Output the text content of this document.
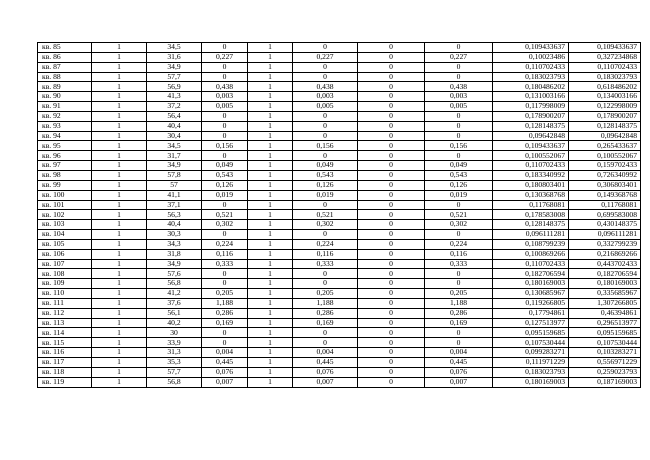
кв. 85	1	34,5	0	1	0	0	0	0,109433637	0,109433637
кв. 86	1	31,6	0,227	1	0,227	0	0,227	0,10023486	0,327234868
кв. 87	1	34,9	0	1	0	0	0	0,110702433	0,110702433
кв. 88	1	57,7	0	1	0	0	0	0,183023793	0,183023793
кв. 89	1	56,9	0,438	1	0,438	0	0,438	0,180486202	0,618486202
кв. 90	1	41,3	0,003	1	0,003	0	0,003	0,131003166	0,134003166
кв. 91	1	37,2	0,005	1	0,005	0	0,005	0,117998009	0,122998009
кв. 92	1	56,4	0	1	0	0	0	0,178900207	0,178900207
кв. 93	1	40,4	0	1	0	0	0	0,128148375	0,128148375
кв. 94	1	30,4	0	1	0	0	0	0,09642848	0,09642848
кв. 95	1	34,5	0,156	1	0,156	0	0,156	0,109433637	0,265433637
кв. 96	1	31,7	0	1	0	0	0	0,100552067	0,100552067
кв. 97	1	34,9	0,049	1	0,049	0	0,049	0,110702433	0,159702433
кв. 98	1	57,8	0,543	1	0,543	0	0,543	0,183340992	0,726340992
кв. 99	1	57	0,126	1	0,126	0	0,126	0,180803401	0,306803401
кв. 100	1	41,1	0,019	1	0,019	0	0,019	0,130368768	0,149368768
кв. 101	1	37,1	0	1	0	0	0	0,11768081	0,11768081
кв. 102	1	56,3	0,521	1	0,521	0	0,521	0,178583008	0,699583008
кв. 103	1	40,4	0,302	1	0,302	0	0,302	0,128148375	0,430148375
кв. 104	1	30,3	0	1	0	0	0	0,096111281	0,096111281
кв. 105	1	34,3	0,224	1	0,224	0	0,224	0,108799239	0,332799239
кв. 106	1	31,8	0,116	1	0,116	0	0,116	0,100869266	0,216869266
кв. 107	1	34,9	0,333	1	0,333	0	0,333	0,110702433	0,443702433
кв. 108	1	57,6	0	1	0	0	0	0,182706594	0,182706594
кв. 109	1	56,8	0	1	0	0	0	0,180169003	0,180169003
кв. 110	1	41,2	0,205	1	0,205	0	0,205	0,130685967	0,335685967
кв. 111	1	37,6	1,188	1	1,188	0	1,188	0,119266805	1,307266805
кв. 112	1	56,1	0,286	1	0,286	0	0,286	0,17794861	0,46394861
кв. 113	1	40,2	0,169	1	0,169	0	0,169	0,127513977	0,296513977
кв. 114	1	30	0	1	0	0	0	0,095159685	0,095159685
кв. 115	1	33,9	0	1	0	0	0	0,107530444	0,107530444
кв. 116	1	31,3	0,004	1	0,004	0	0,004	0,099283271	0,103283271
кв. 117	1	35,3	0,445	1	0,445	0	0,445	0,111971229	0,556971229
кв. 118	1	57,7	0,076	1	0,076	0	0,076	0,183023793	0,259023793
кв. 119	1	56,8	0,007	1	0,007	0	0,007	0,180169003	0,187169003
